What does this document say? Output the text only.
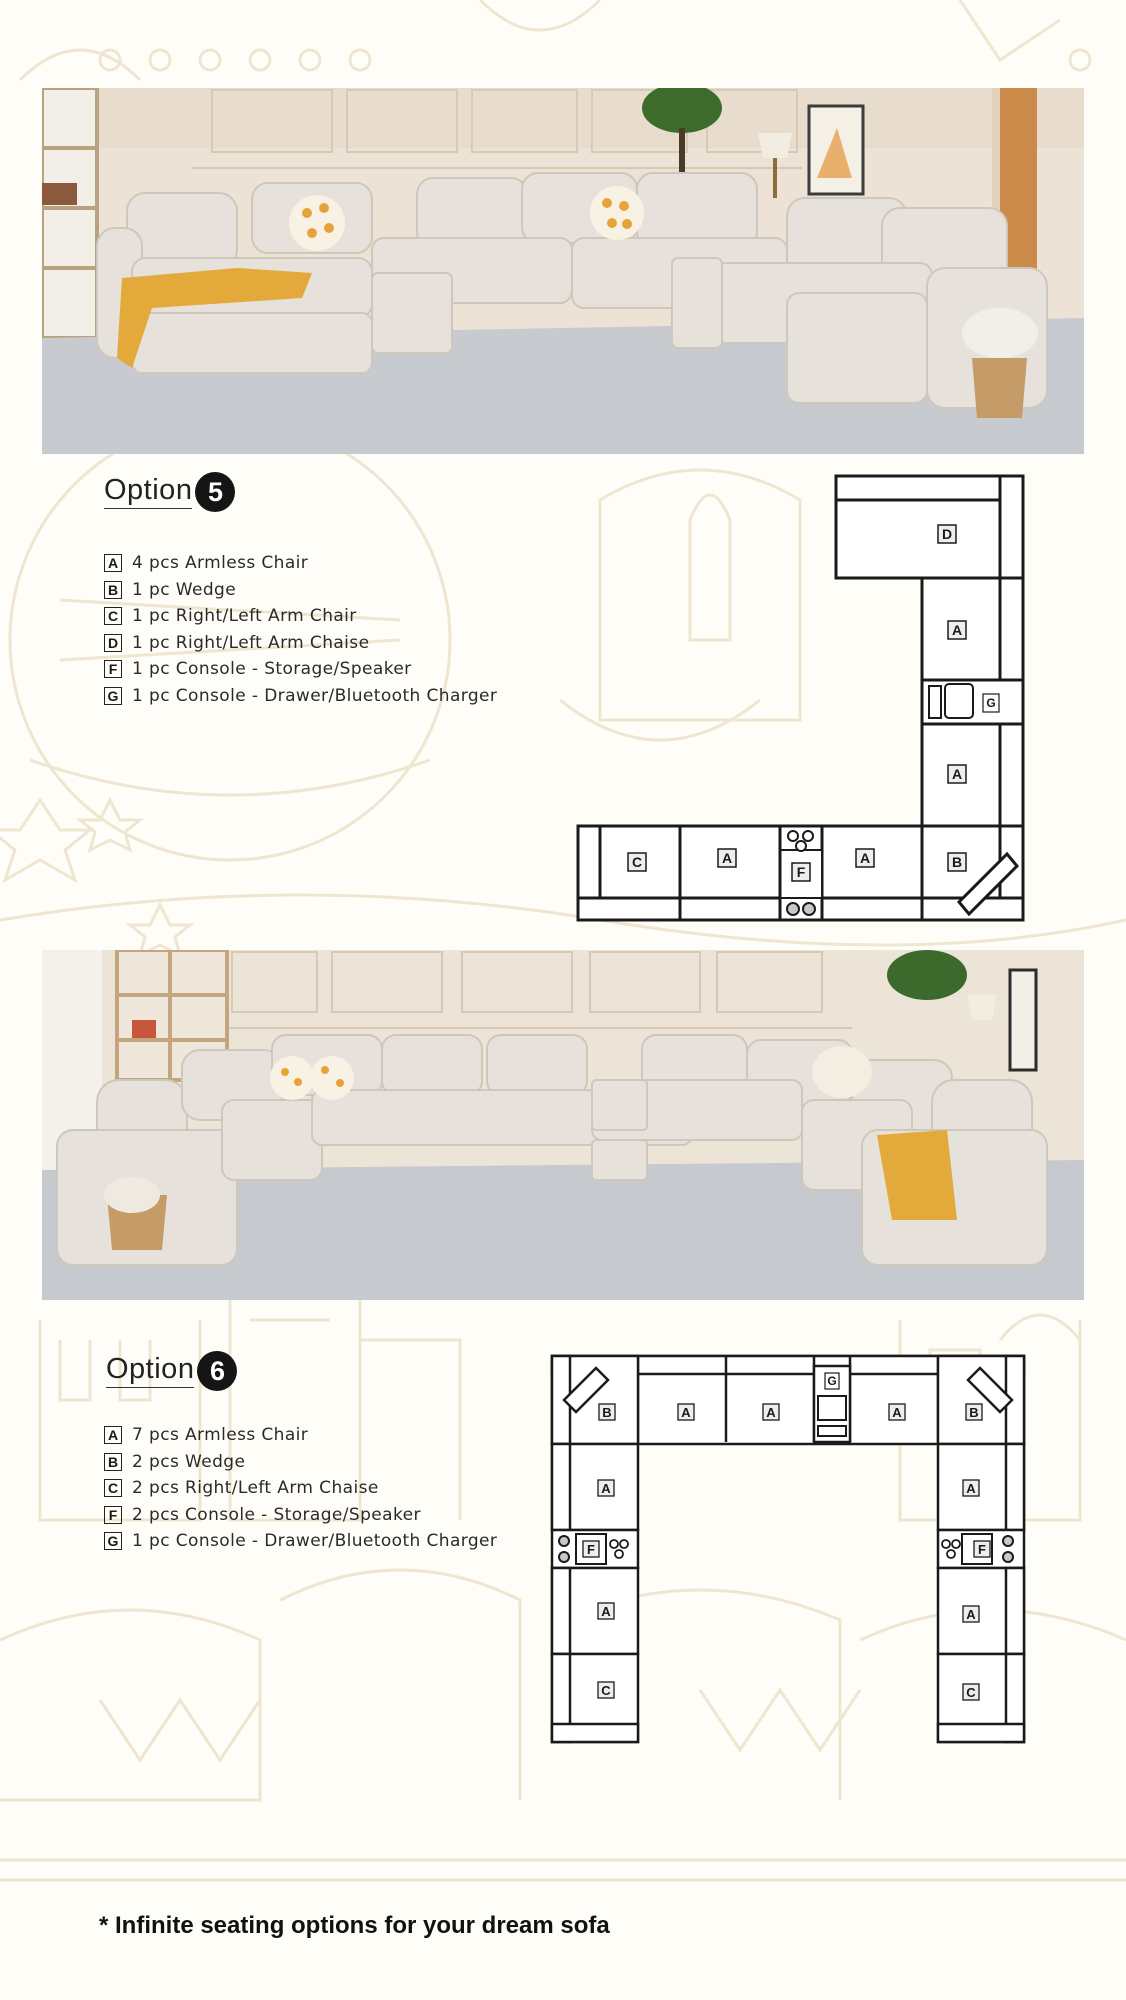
Option 5
A 4 pcs Armless Chair
B 1 pc Wedge
C 1 pc Right/Left Arm Chair
D 1 pc Right/Left Arm Chaise
F 1 pc Console - Storage/Speaker
G 1 pc Console - Drawer/Bluetooth Charger
D
A
A
B
A
A
C
F
G
Option 6
A 7 pcs Armless Chair
B 2 pcs Wedge
C 2 pcs Right/Left Arm Chaise
F 2 pcs Console - Storage/Speaker
G 1 pc Console - Drawer/Bluetooth Charger
B	A	A	A	B
A	A
A	A
C	C
F	F
G
* Infinite seating options for your dream sofa
